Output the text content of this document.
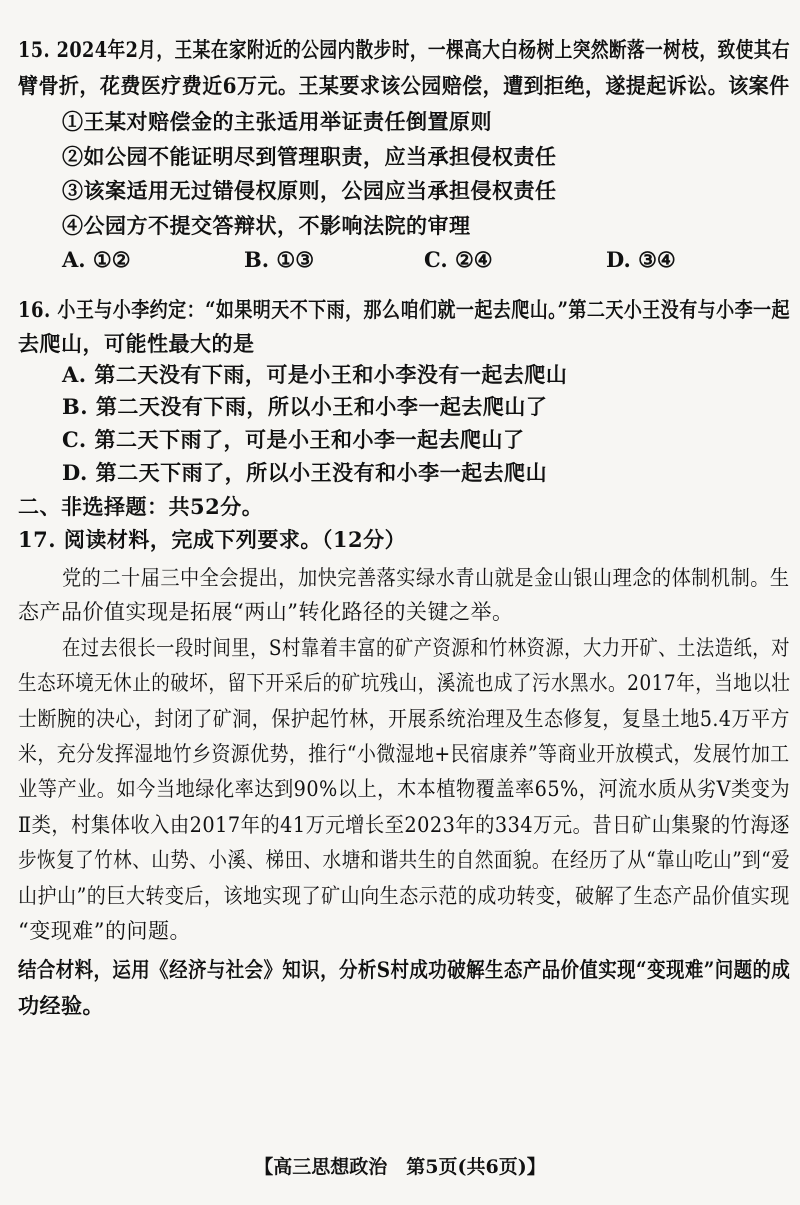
15. 2024年2月，王某在家附近的公园内散步时，一棵高大白杨树上突然断落一树枝，致使其右
臂骨折，花费医疗费近6万元。王某要求该公园赔偿，遭到拒绝，遂提起诉讼。该案件
①王某对赔偿金的主张适用举证责任倒置原则
②如公园不能证明尽到管理职责，应当承担侵权责任
③该案适用无过错侵权原则，公园应当承担侵权责任
④公园方不提交答辩状，不影响法院的审理
A. ①②	B. ①③	C. ②④	D. ③④
16. 小王与小李约定：“如果明天不下雨，那么咱们就一起去爬山。”第二天小王没有与小李一起
去爬山，可能性最大的是
A. 第二天没有下雨，可是小王和小李没有一起去爬山
B. 第二天没有下雨，所以小王和小李一起去爬山了
C. 第二天下雨了，可是小王和小李一起去爬山了
D. 第二天下雨了，所以小王没有和小李一起去爬山
二、非选择题：共52分。
17. 阅读材料，完成下列要求。（12分）
党的二十届三中全会提出，加快完善落实绿水青山就是金山银山理念的体制机制。生
态产品价值实现是拓展“两山”转化路径的关键之举。
在过去很长一段时间里，S村靠着丰富的矿产资源和竹林资源，大力开矿、土法造纸，对
生态环境无休止的破坏，留下开采后的矿坑残山，溪流也成了污水黑水。2017年，当地以壮
士断腕的决心，封闭了矿洞，保护起竹林，开展系统治理及生态修复，复垦土地5.4万平方
米，充分发挥湿地竹乡资源优势，推行“小微湿地+民宿康养”等商业开放模式，发展竹加工
业等产业。如今当地绿化率达到90%以上，木本植物覆盖率65%，河流水质从劣Ⅴ类变为
Ⅱ类，村集体收入由2017年的41万元增长至2023年的334万元。昔日矿山集聚的竹海逐
步恢复了竹林、山势、小溪、梯田、水塘和谐共生的自然面貌。在经历了从“靠山吃山”到“爱
山护山”的巨大转变后，该地实现了矿山向生态示范的成功转变，破解了生态产品价值实现
“变现难”的问题。
结合材料，运用《经济与社会》知识，分析S村成功破解生态产品价值实现“变现难”问题的成
功经验。
【高三思想政治　第5页(共6页)】
